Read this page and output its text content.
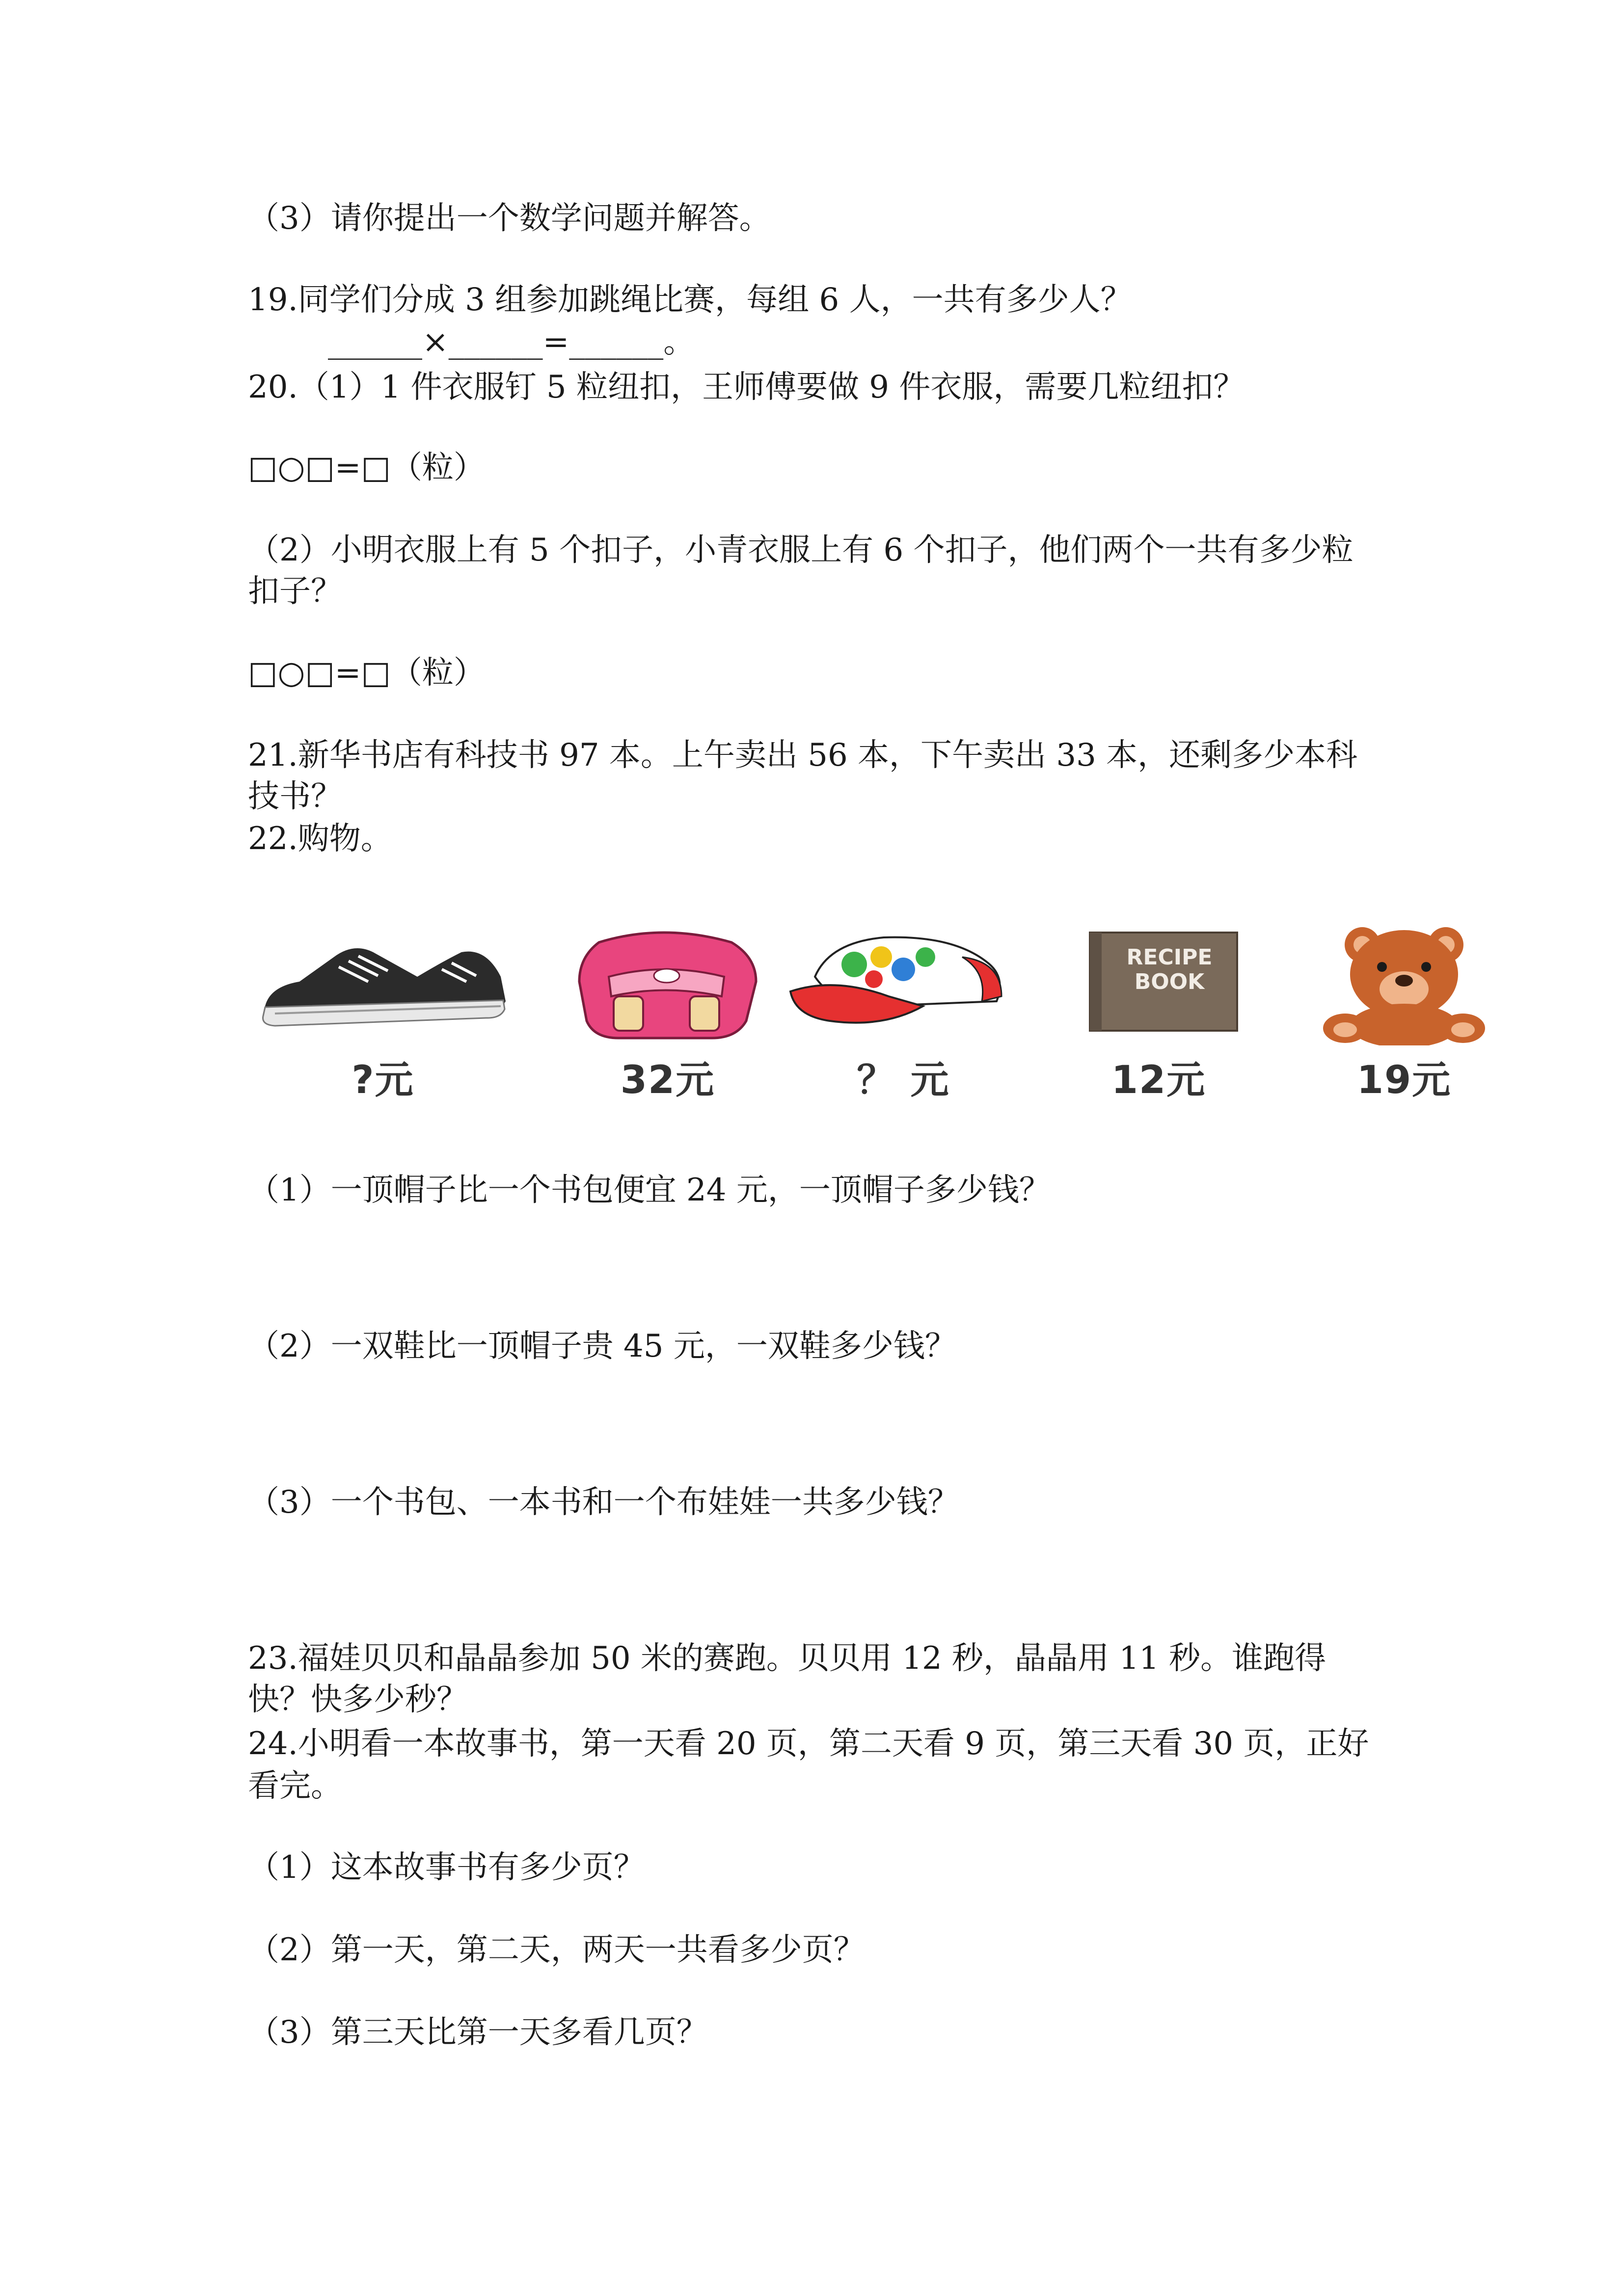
（3）请你提出一个数学问题并解答。
19.同学们分成 3 组参加跳绳比赛，每组 6 人，一共有多少人？
______×______=______。
20.（1）1 件衣服钉 5 粒纽扣，王师傅要做 9 件衣服，需要几粒纽扣？
□○□=□（粒）
（2）小明衣服上有 5 个扣子，小青衣服上有 6 个扣子，他们两个一共有多少粒
扣子？
□○□=□（粒）
21.新华书店有科技书 97 本。上午卖出 56 本，下午卖出 33 本，还剩多少本科
技书？
22.购物。
?元	32元	？ 元
RECIPE
BOOK
12元	19元
（1）一顶帽子比一个书包便宜 24 元，一顶帽子多少钱？
（2）一双鞋比一顶帽子贵 45 元，一双鞋多少钱？
（3）一个书包、一本书和一个布娃娃一共多少钱？
23.福娃贝贝和晶晶参加 50 米的赛跑。贝贝用 12 秒，晶晶用 11 秒。谁跑得
快？快多少秒？
24.小明看一本故事书，第一天看 20 页，第二天看 9 页，第三天看 30 页，正好
看完。
（1）这本故事书有多少页？
（2）第一天，第二天，两天一共看多少页？
（3）第三天比第一天多看几页？
